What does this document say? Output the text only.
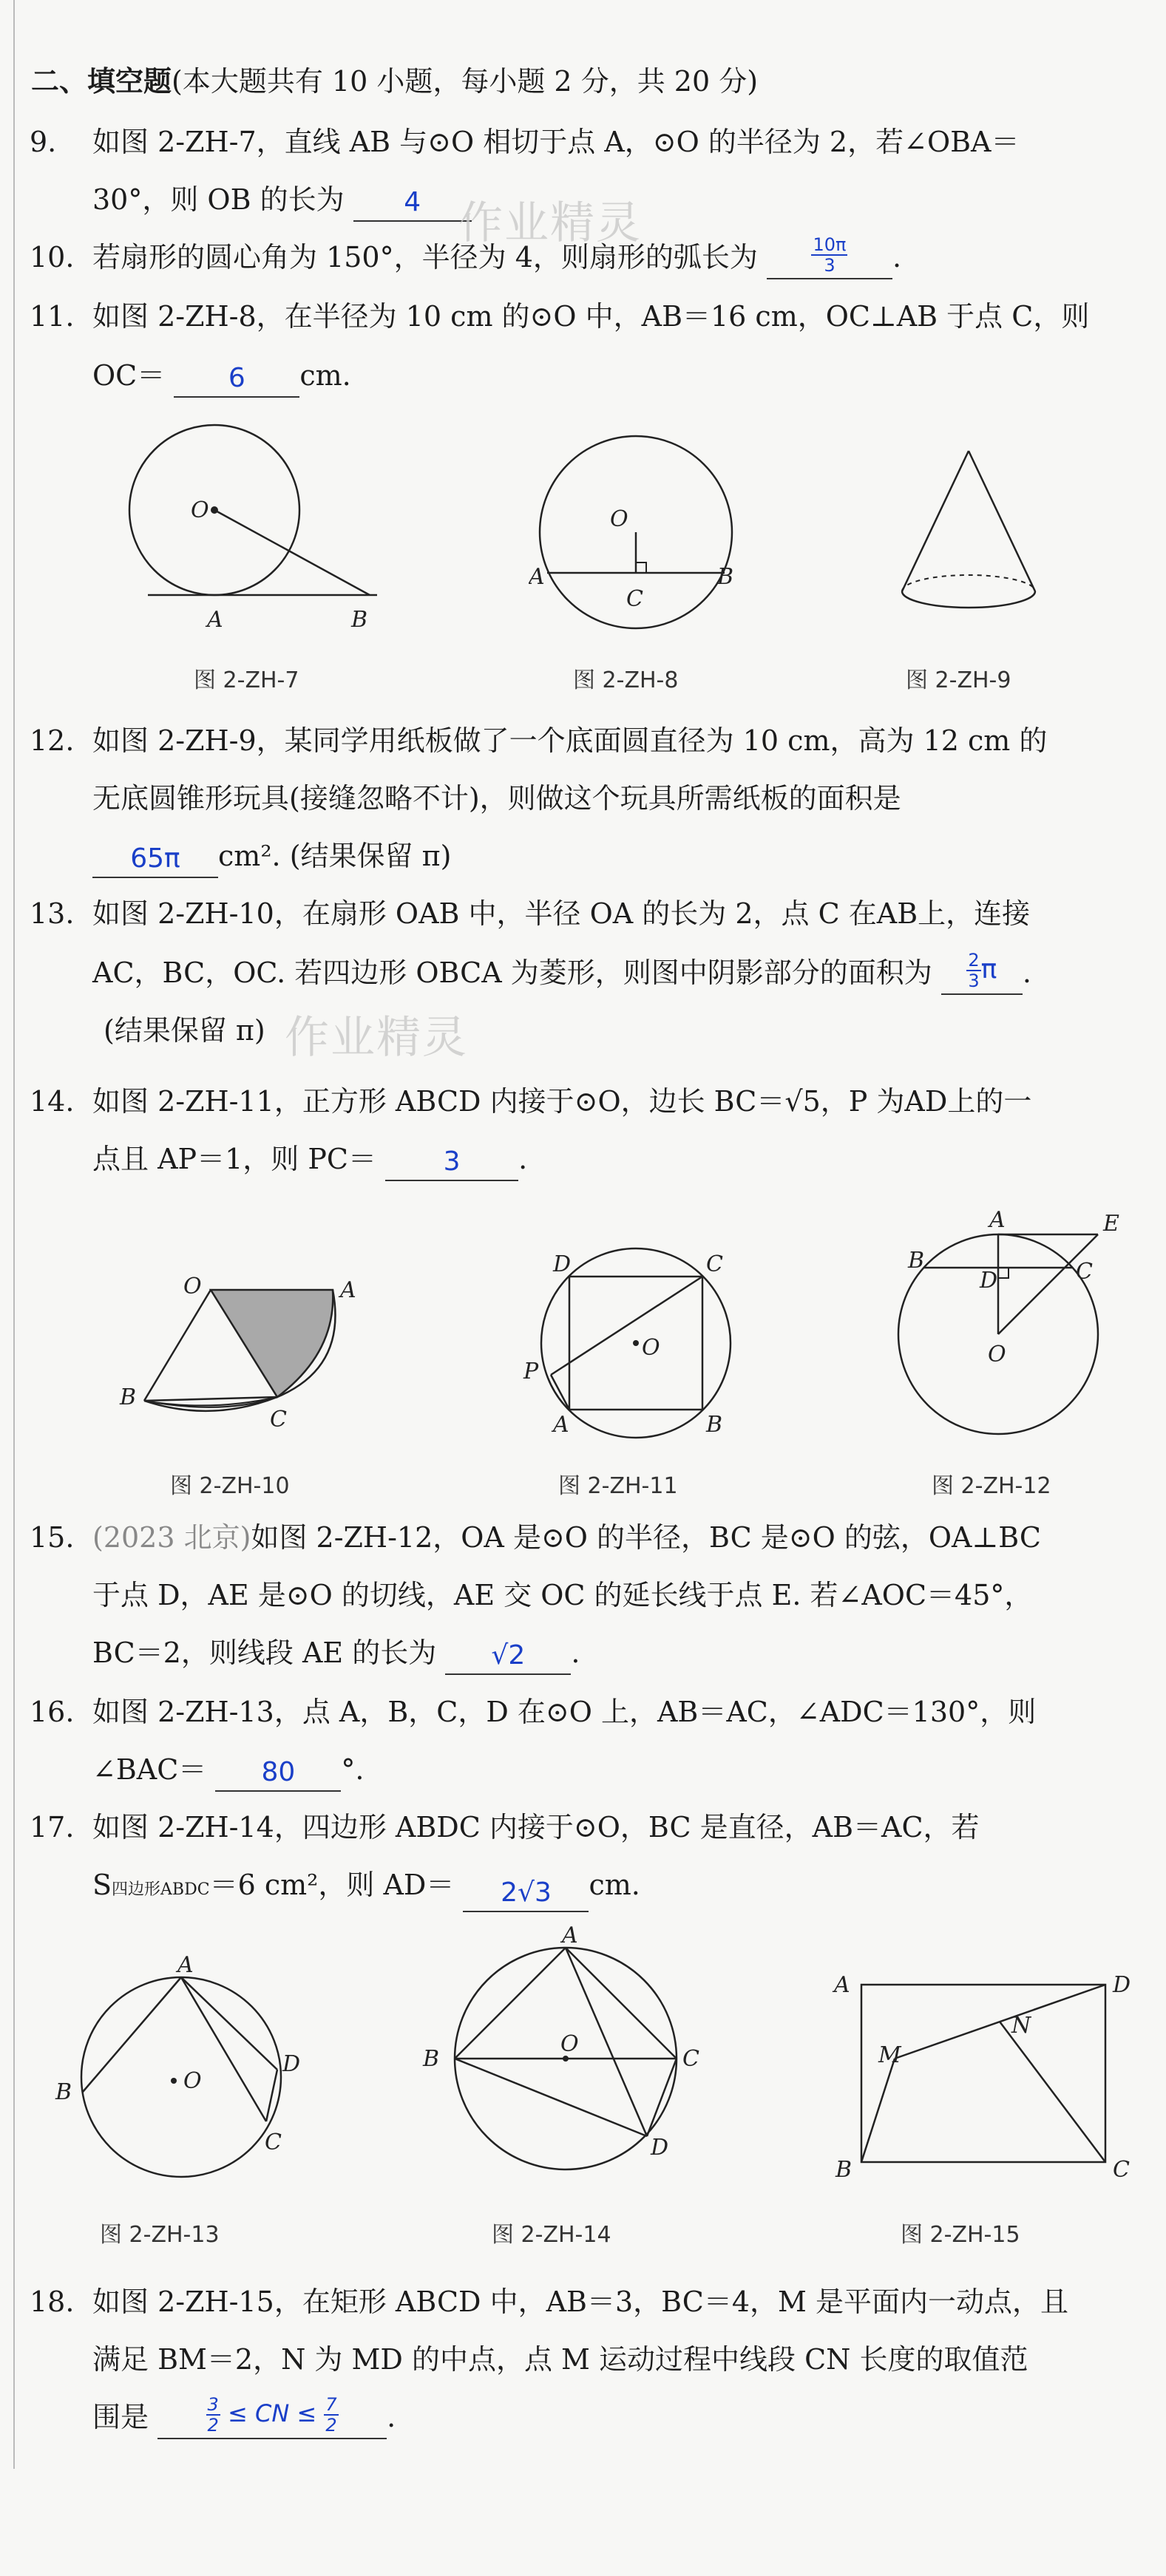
二、填空题(本大题共有 10 小题，每小题 2 分，共 20 分)
9. 如图 2-ZH-7，直线 AB 与⊙O 相切于点 A，⊙O 的半径为 2，若∠OBA＝
30°，则 OB 的长为	4 作业精灵
10. 若扇形的圆心角为 150°，半径为 4，则扇形的弧长为	$\frac{10\pi}{3}$ .
11. 如图 2-ZH-8，在半径为 10 cm 的⊙O 中，AB＝16 cm，OC⊥AB 于点 C，则
OC＝	6	cm.
O
A	B
图 2-ZH-7
O
A	B
C
图 2-ZH-8	图 2-ZH-9
12. 如图 2-ZH-9，某同学用纸板做了一个底面圆直径为 10 cm，高为 12 cm 的
无底圆锥形玩具(接缝忽略不计)，则做这个玩具所需纸板的面积是
65π	cm². (结果保留 π)
13. 如图 2-ZH-10，在扇形 OAB 中，半径 OA 的长为 2，点 C 在AB上，连接
AC，BC，OC. 若四边形 OBCA 为菱形，则图中阴影部分的面积为 $\frac{2}{3}$ π .
(结果保留 π) 作业精灵
14. 如图 2-ZH-11，正方形 ABCD 内接于⊙O，边长 BC＝√5，P 为AD上的一
点且 AP＝1，则 PC＝	3	.
O	A
B
C
图 2-ZH-10
O
D	C
A	B
P
图 2-ZH-11
A
B	C
D
E
O
图 2-ZH-12
15. (2023 北京)如图 2-ZH-12，OA 是⊙O 的半径，BC 是⊙O 的弦，OA⊥BC
于点 D，AE 是⊙O 的切线，AE 交 OC 的延长线于点 E. 若∠AOC＝45°，
BC＝2，则线段 AE 的长为	√2	.
16. 如图 2-ZH-13，点 A，B，C，D 在⊙O 上，AB＝AC，∠ADC＝130°，则
∠BAC＝	80	°.
17. 如图 2-ZH-14，四边形 ABDC 内接于⊙O，BC 是直径，AB＝AC，若
S四边形ABDC＝6 cm²，则 AD＝	2√3	cm.
A
B
C
D
O
图 2-ZH-13
A
B	C
D
O
图 2-ZH-14
A
B	C
D
M
N
图 2-ZH-15
18. 如图 2-ZH-15，在矩形 ABCD 中，AB＝3，BC＝4，M 是平面内一动点，且
满足 BM＝2，N 为 MD 的中点，点 M 运动过程中线段 CN 长度的取值范
围是	$\frac{3}{2}$ ≤ CN ≤ $\frac{7}{2}$ .
